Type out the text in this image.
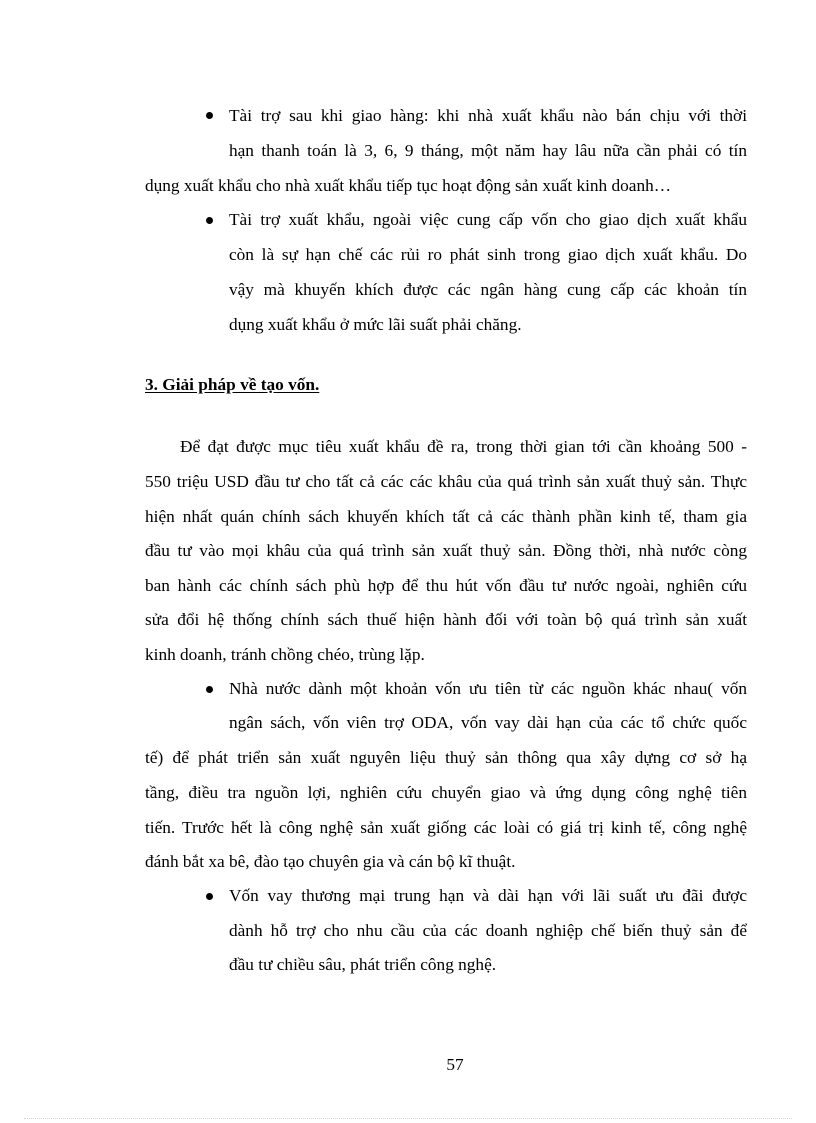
Tài trợ sau khi giao hàng: khi nhà xuất khẩu nào bán chịu với thời
hạn thanh toán là 3, 6, 9 tháng, một năm hay lâu nữa cần phải có tín
dụng xuất khẩu cho nhà xuất khẩu tiếp tục hoạt động sản xuất kinh doanh…
Tài trợ xuất khẩu, ngoài việc cung cấp vốn cho giao dịch xuất khẩu
còn là sự hạn chế các rủi ro phát sinh trong giao dịch xuất khẩu. Do
vậy mà khuyến khích được các ngân hàng cung cấp các khoản tín
dụng xuất khẩu ở mức lãi suất phải chăng.
3. Giải pháp về tạo vốn.
Để đạt được mục tiêu xuất khẩu đề ra, trong thời gian tới cần khoảng 500 -
550 triệu USD đầu tư cho tất cả các các khâu của quá trình sản xuất thuỷ sản. Thực
hiện nhất quán chính sách khuyến khích tất cả các thành phần kinh tế, tham gia
đầu tư vào mọi khâu của quá trình sản xuất thuỷ sản. Đồng thời, nhà nước còng
ban hành các chính sách phù hợp để thu hút vốn đầu tư nước ngoài, nghiên cứu
sửa đổi hệ thống chính sách thuế hiện hành đối với toàn bộ quá trình sản xuất
kinh doanh, tránh chồng chéo, trùng lặp.
Nhà nước dành một khoản vốn ưu tiên từ các nguồn khác nhau( vốn
ngân sách, vốn viên trợ ODA, vốn vay dài hạn của các tổ chức quốc
tế) để phát triển sản xuất nguyên liệu thuỷ sản thông qua xây dựng cơ sở hạ
tầng, điều tra nguồn lợi, nghiên cứu chuyển giao và ứng dụng công nghệ tiên
tiến. Trước hết là công nghệ sản xuất giống các loài có giá trị kinh tế, công nghệ
đánh bắt xa bê, đào tạo chuyên gia và cán bộ kĩ thuật.
Vốn vay thương mại trung hạn và dài hạn với lãi suất ưu đãi được
dành hỗ trợ cho nhu cầu của các doanh nghiệp chế biến thuỷ sản để
đầu tư chiều sâu, phát triển công nghệ.
57
